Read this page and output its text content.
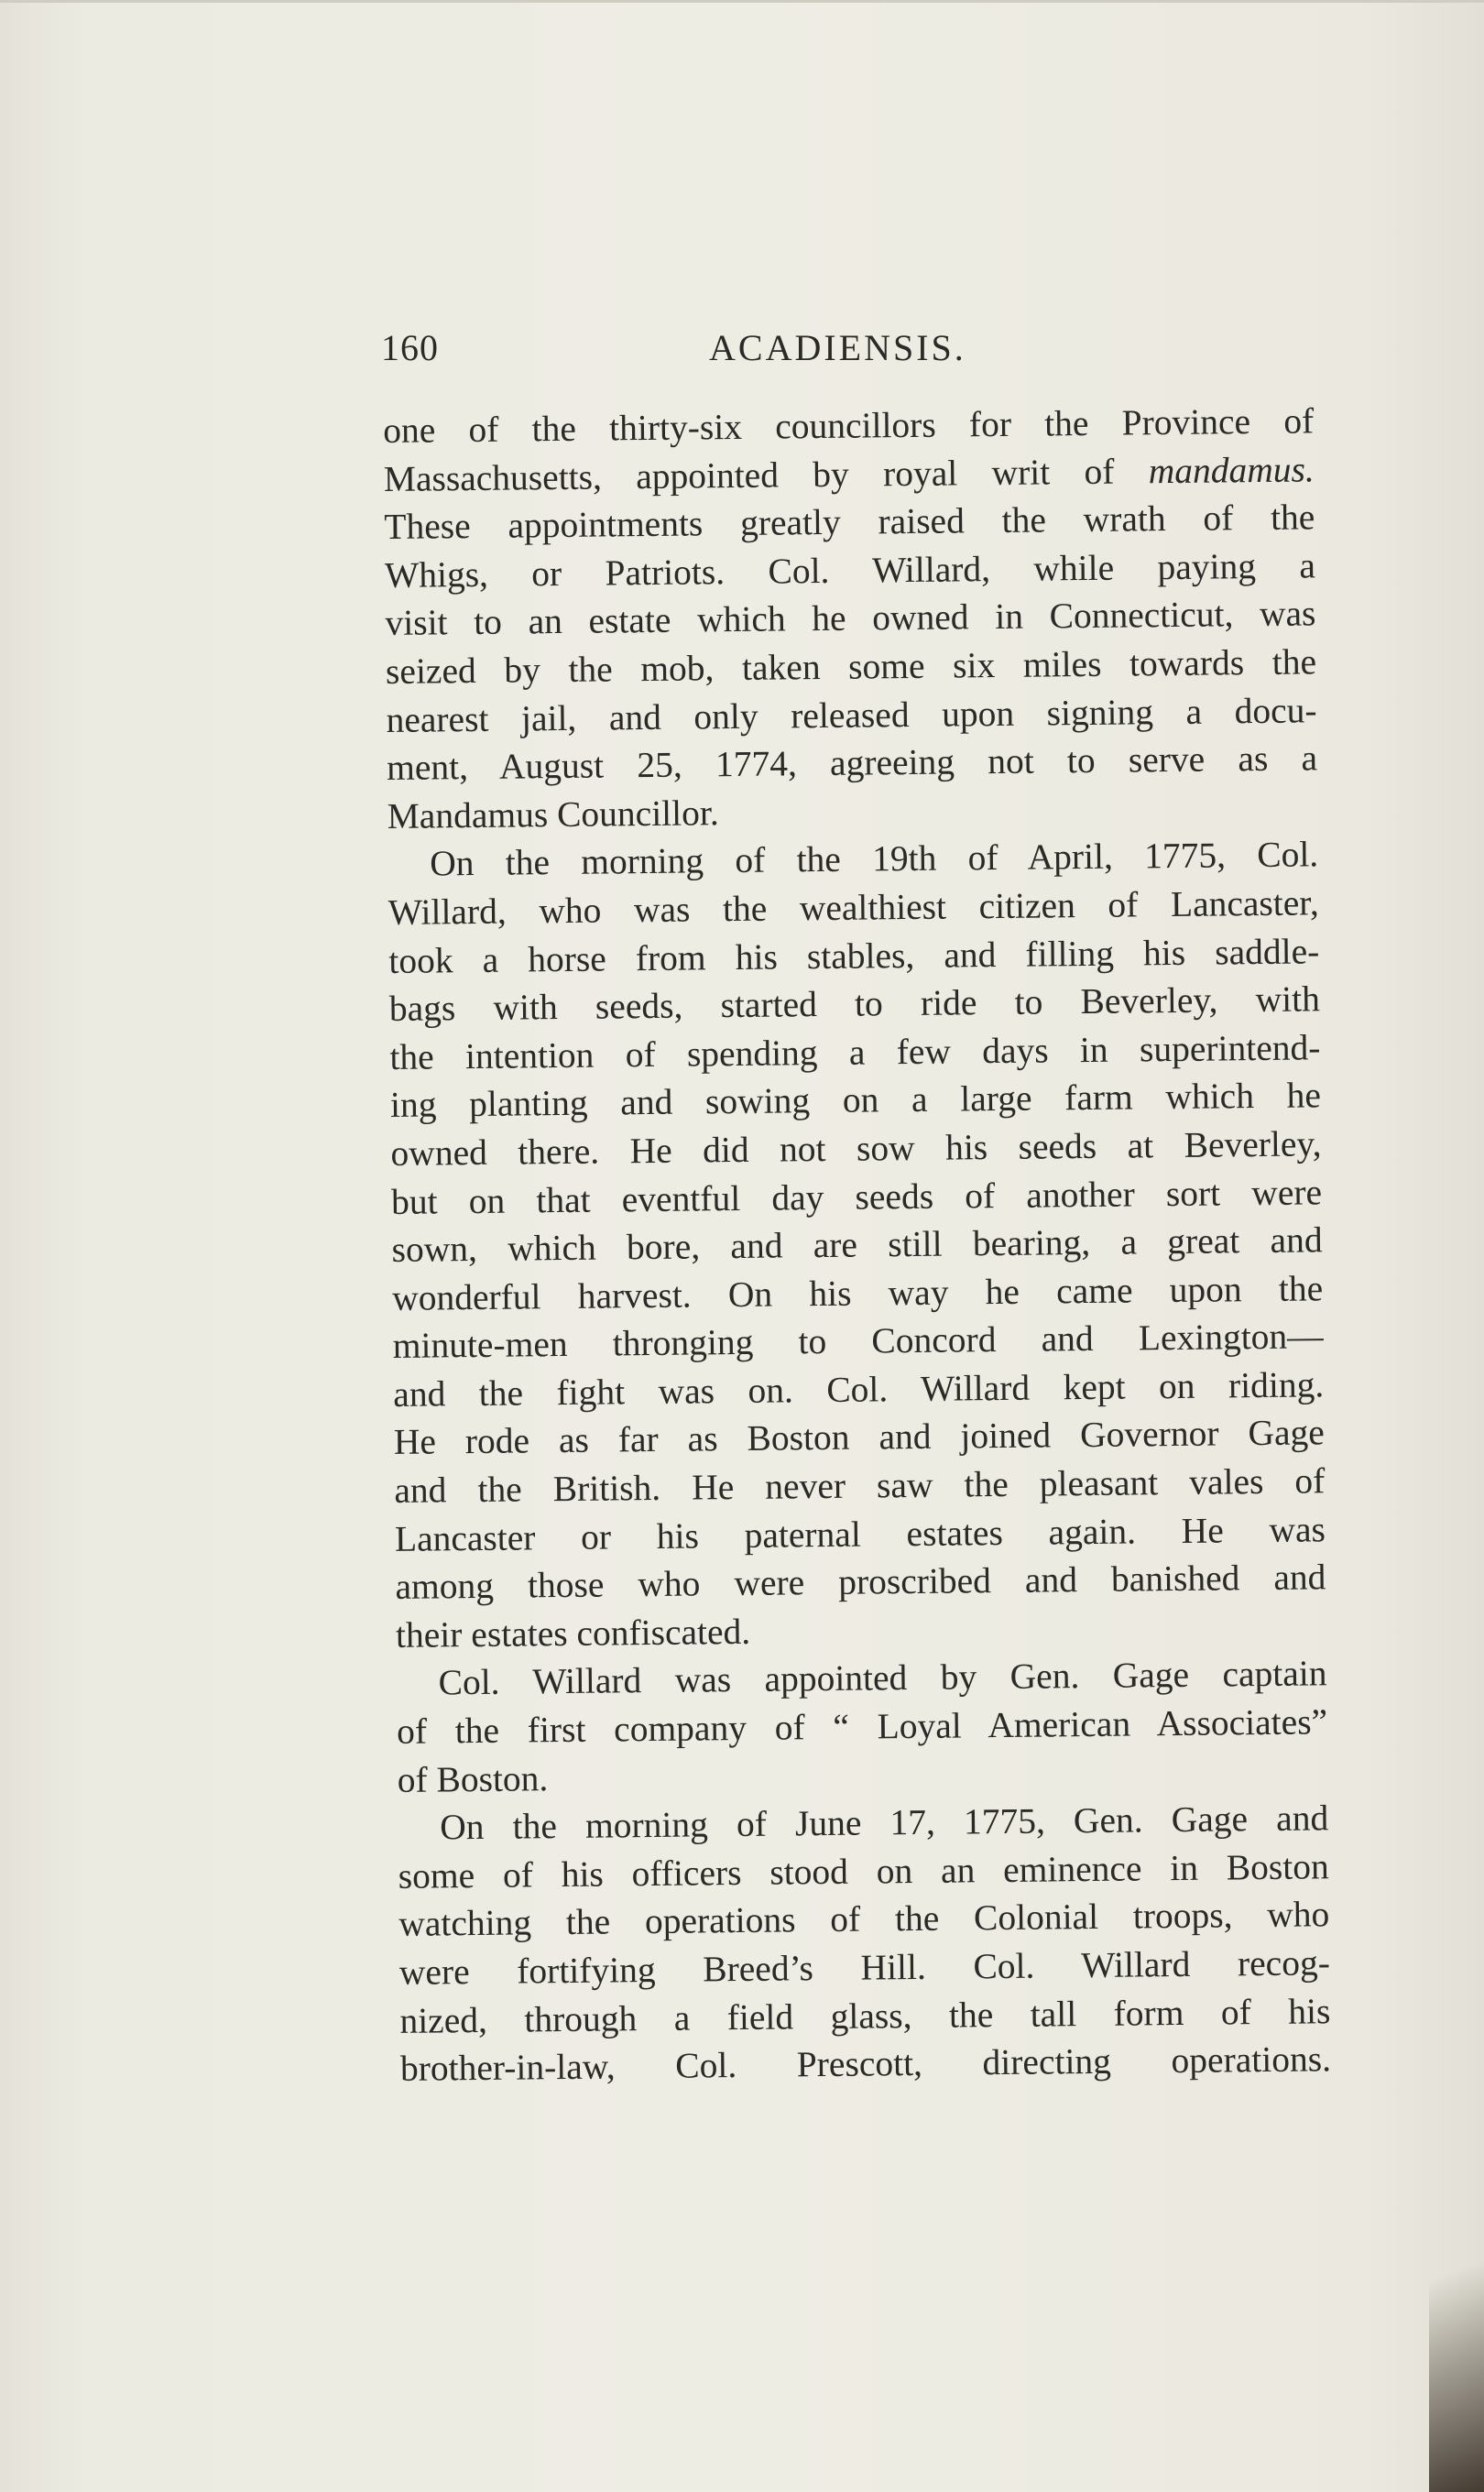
160	ACADIENSIS.

one of the thirty-six councillors for the Province of
Massachusetts, appointed by royal writ of mandamus.
These appointments greatly raised the wrath of the
Whigs, or Patriots. Col. Willard, while paying a
visit to an estate which he owned in Connecticut, was
seized by the mob, taken some six miles towards the
nearest jail, and only released upon signing a docu-
ment, August 25, 1774, agreeing not to serve as a
Mandamus Councillor.

On the morning of the 19th of April, 1775, Col.
Willard, who was the wealthiest citizen of Lancaster,
took a horse from his stables, and filling his saddle-
bags with seeds, started to ride to Beverley, with
the intention of spending a few days in superintend-
ing planting and sowing on a large farm which he
owned there. He did not sow his seeds at Beverley,
but on that eventful day seeds of another sort were
sown, which bore, and are still bearing, a great and
wonderful harvest. On his way he came upon the
minute-men thronging to Concord and Lexington—
and the fight was on. Col. Willard kept on riding.
He rode as far as Boston and joined Governor Gage
and the British. He never saw the pleasant vales of
Lancaster or his paternal estates again. He was
among those who were proscribed and banished and
their estates confiscated.

Col. Willard was appointed by Gen. Gage captain
of the first company of “ Loyal American Associates”
of Boston.

On the morning of June 17, 1775, Gen. Gage and
some of his officers stood on an eminence in Boston
watching the operations of the Colonial troops, who
were fortifying Breed’s Hill. Col. Willard recog-
nized, through a field glass, the tall form of his
brother-in-law, Col. Prescott, directing operations.
